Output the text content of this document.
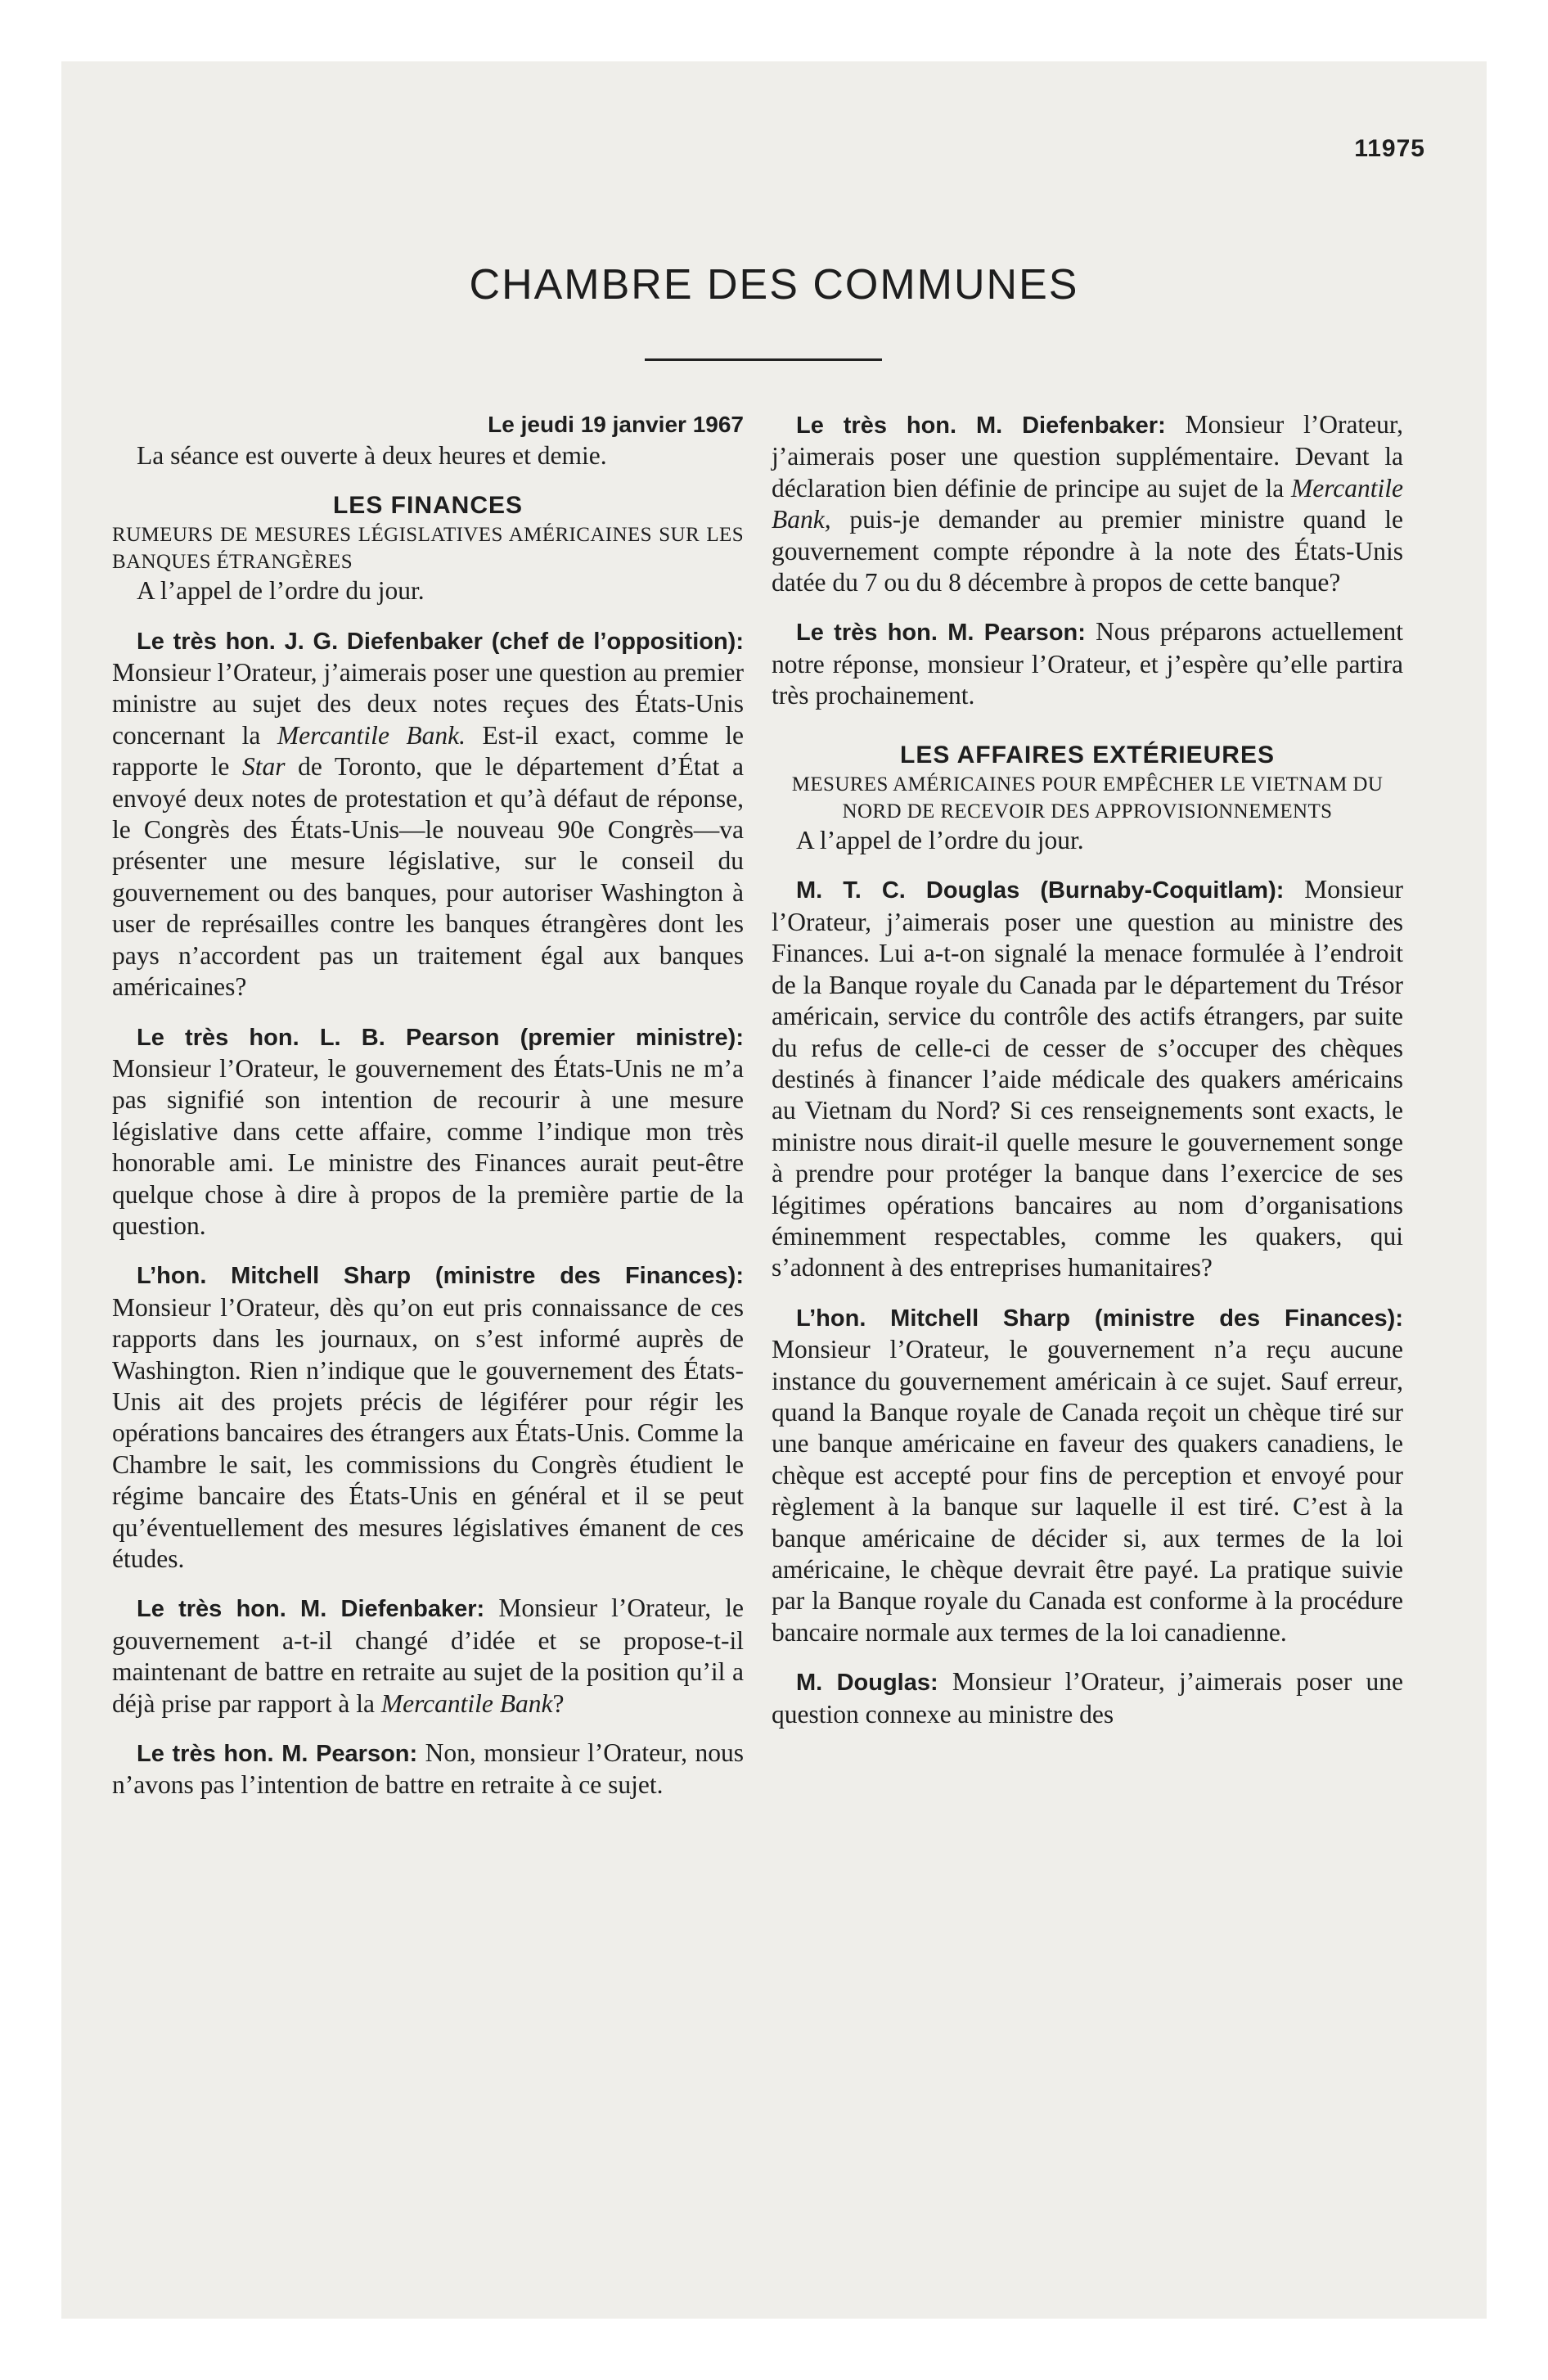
11975
CHAMBRE DES COMMUNES

Le jeudi 19 janvier 1967

La séance est ouverte à deux heures et demie.

LES FINANCES

RUMEURS DE MESURES LÉGISLATIVES AMÉRICAINES SUR LES BANQUES ÉTRANGÈRES

A l’appel de l’ordre du jour.

Le très hon. J. G. Diefenbaker (chef de l’opposition): Monsieur l’Orateur, j’aimerais poser une question au premier ministre au sujet des deux notes reçues des États-Unis concernant la Mercantile Bank. Est-il exact, comme le rapporte le Star de Toronto, que le département d’État a envoyé deux notes de protestation et qu’à défaut de réponse, le Congrès des États-Unis—le nouveau 90e Congrès—va présenter une mesure législative, sur le conseil du gouvernement ou des banques, pour autoriser Washington à user de représailles contre les banques étrangères dont les pays n’accordent pas un traitement égal aux banques américaines?

Le très hon. L. B. Pearson (premier ministre): Monsieur l’Orateur, le gouvernement des États-Unis ne m’a pas signifié son intention de recourir à une mesure législative dans cette affaire, comme l’indique mon très honorable ami. Le ministre des Finances aurait peut-être quelque chose à dire à propos de la première partie de la question.

L’hon. Mitchell Sharp (ministre des Finances): Monsieur l’Orateur, dès qu’on eut pris connaissance de ces rapports dans les journaux, on s’est informé auprès de Washington. Rien n’indique que le gouvernement des États-Unis ait des projets précis de légiférer pour régir les opérations bancaires des étrangers aux États-Unis. Comme la Chambre le sait, les commissions du Congrès étudient le régime bancaire des États-Unis en général et il se peut qu’éventuellement des mesures législatives émanent de ces études.

Le très hon. M. Diefenbaker: Monsieur l’Orateur, le gouvernement a-t-il changé d’idée et se propose-t-il maintenant de battre en retraite au sujet de la position qu’il a déjà prise par rapport à la Mercantile Bank?

Le très hon. M. Pearson: Non, monsieur l’Orateur, nous n’avons pas l’intention de battre en retraite à ce sujet.

Le très hon. M. Diefenbaker: Monsieur l’Orateur, j’aimerais poser une question supplémentaire. Devant la déclaration bien définie de principe au sujet de la Mercantile Bank, puis-je demander au premier ministre quand le gouvernement compte répondre à la note des États-Unis datée du 7 ou du 8 décembre à propos de cette banque?

Le très hon. M. Pearson: Nous préparons actuellement notre réponse, monsieur l’Orateur, et j’espère qu’elle partira très prochainement.

LES AFFAIRES EXTÉRIEURES

MESURES AMÉRICAINES POUR EMPÊCHER LE VIETNAM DU NORD DE RECEVOIR DES APPROVISIONNEMENTS

A l’appel de l’ordre du jour.

M. T. C. Douglas (Burnaby-Coquitlam): Monsieur l’Orateur, j’aimerais poser une question au ministre des Finances. Lui a-t-on signalé la menace formulée à l’endroit de la Banque royale du Canada par le département du Trésor américain, service du contrôle des actifs étrangers, par suite du refus de celle-ci de cesser de s’occuper des chèques destinés à financer l’aide médicale des quakers américains au Vietnam du Nord? Si ces renseignements sont exacts, le ministre nous dirait-il quelle mesure le gouvernement songe à prendre pour protéger la banque dans l’exercice de ses légitimes opérations bancaires au nom d’organisations éminemment respectables, comme les quakers, qui s’adonnent à des entreprises humanitaires?

L’hon. Mitchell Sharp (ministre des Finances): Monsieur l’Orateur, le gouvernement n’a reçu aucune instance du gouvernement américain à ce sujet. Sauf erreur, quand la Banque royale de Canada reçoit un chèque tiré sur une banque américaine en faveur des quakers canadiens, le chèque est accepté pour fins de perception et envoyé pour règlement à la banque sur laquelle il est tiré. C’est à la banque américaine de décider si, aux termes de la loi américaine, le chèque devrait être payé. La pratique suivie par la Banque royale du Canada est conforme à la procédure bancaire normale aux termes de la loi canadienne.

M. Douglas: Monsieur l’Orateur, j’aimerais poser une question connexe au ministre des
